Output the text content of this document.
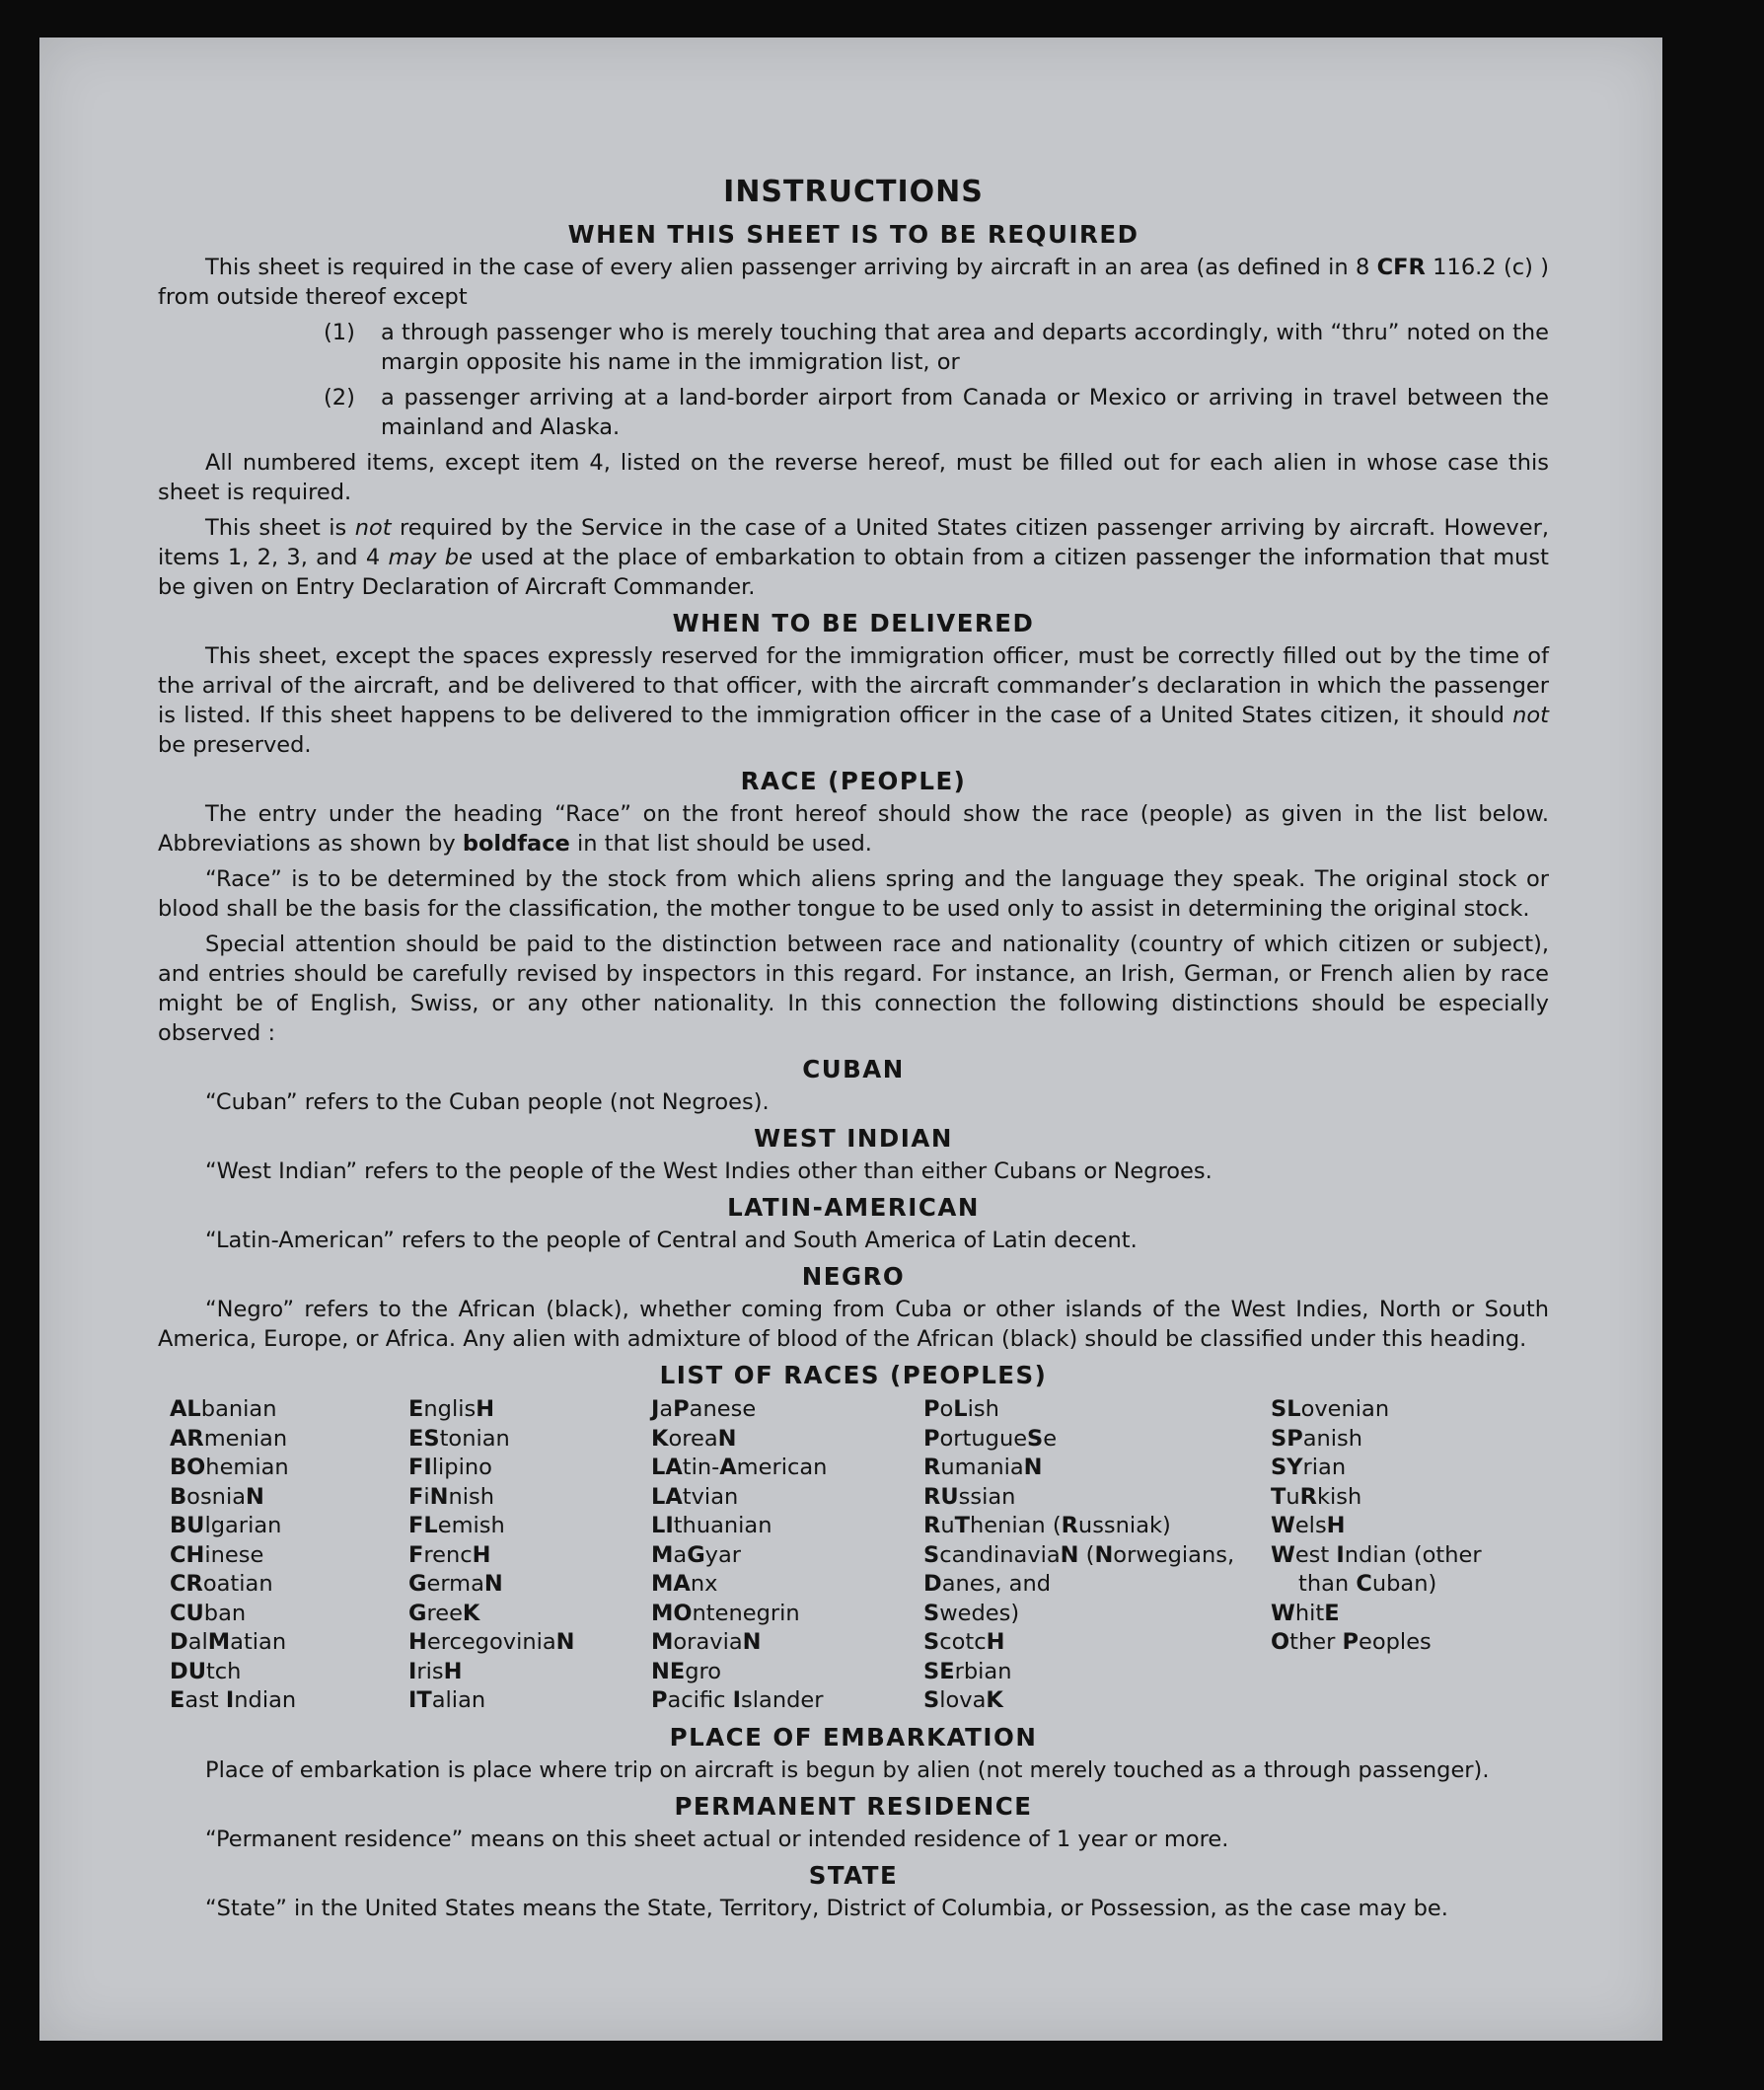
INSTRUCTIONS
WHEN THIS SHEET IS TO BE REQUIRED

This sheet is required in the case of every alien passenger arriving by aircraft in an area (as defined in 8 CFR 116.2 (c) ) from outside thereof except

(1)	a through passenger who is merely touching that area and departs accordingly, with “thru” noted on the margin opposite his name in the immigration list, or
(2)	a passenger arriving at a land-border airport from Canada or Mexico or arriving in travel between the mainland and Alaska.

All numbered items, except item 4, listed on the reverse hereof, must be filled out for each alien in whose case this sheet is required.

This sheet is not required by the Service in the case of a United States citizen passenger arriving by aircraft. However, items 1, 2, 3, and 4 may be used at the place of embarkation to obtain from a citizen passenger the information that must be given on Entry Declaration of Aircraft Commander.

WHEN TO BE DELIVERED

This sheet, except the spaces expressly reserved for the immigration officer, must be correctly filled out by the time of the arrival of the aircraft, and be delivered to that officer, with the aircraft commander’s declaration in which the passenger is listed. If this sheet happens to be delivered to the immigration officer in the case of a United States citizen, it should not be preserved.

RACE (PEOPLE)

The entry under the heading “Race” on the front hereof should show the race (people) as given in the list below. Abbreviations as shown by boldface in that list should be used.

“Race” is to be determined by the stock from which aliens spring and the language they speak. The original stock or blood shall be the basis for the classification, the mother tongue to be used only to assist in determining the original stock.

Special attention should be paid to the distinction between race and nationality (country of which citizen or subject), and entries should be carefully revised by inspectors in this regard. For instance, an Irish, German, or French alien by race might be of English, Swiss, or any other nationality. In this connection the following distinctions should be especially observed :

CUBAN
“Cuban” refers to the Cuban people (not Negroes).
WEST INDIAN
“West Indian” refers to the people of the West Indies other than either Cubans or Negroes.
LATIN-AMERICAN
“Latin-American” refers to the people of Central and South America of Latin decent.
NEGRO

“Negro” refers to the African (black), whether coming from Cuba or other islands of the West Indies, North or South America, Europe, or Africa. Any alien with admixture of blood of the African (black) should be classified under this heading.

LIST OF RACES (PEOPLES)
ALbanian
ARmenian
BOhemian
BosniaN
BUlgarian
CHinese
CRoatian
CUban
DalMatian
DUtch
East Indian
EnglisH
EStonian
FIlipino
FiNnish
FLemish
FrencH
GermaN
GreeK
HercegoviniaN
IrisH
ITalian
JaPanese
KoreaN
LAtin-American
LAtvian
LIthuanian
MaGyar
MAnx
MOntenegrin
MoraviaN
NEgro
Pacifc Islander
PoLish
PortugueSe
RumaniaN
RUssian
RuThenian (Russniak)
ScandinaviaN (Norwegians,
Danes, and
Swedes)
ScotcH
SErbian
SlovaK
SLovenian
SPanish
SYrian
TuRkish
WelsH
West Indian (other
than Cuban)
WhitE
Other Peoples
PLACE OF EMBARKATION
Place of embarkation is place where trip on aircraft is begun by alien (not merely touched as a through passenger).
PERMANENT RESIDENCE
“Permanent residence” means on this sheet actual or intended residence of 1 year or more.
STATE
“State” in the United States means the State, Territory, District of Columbia, or Possession, as the case may be.
